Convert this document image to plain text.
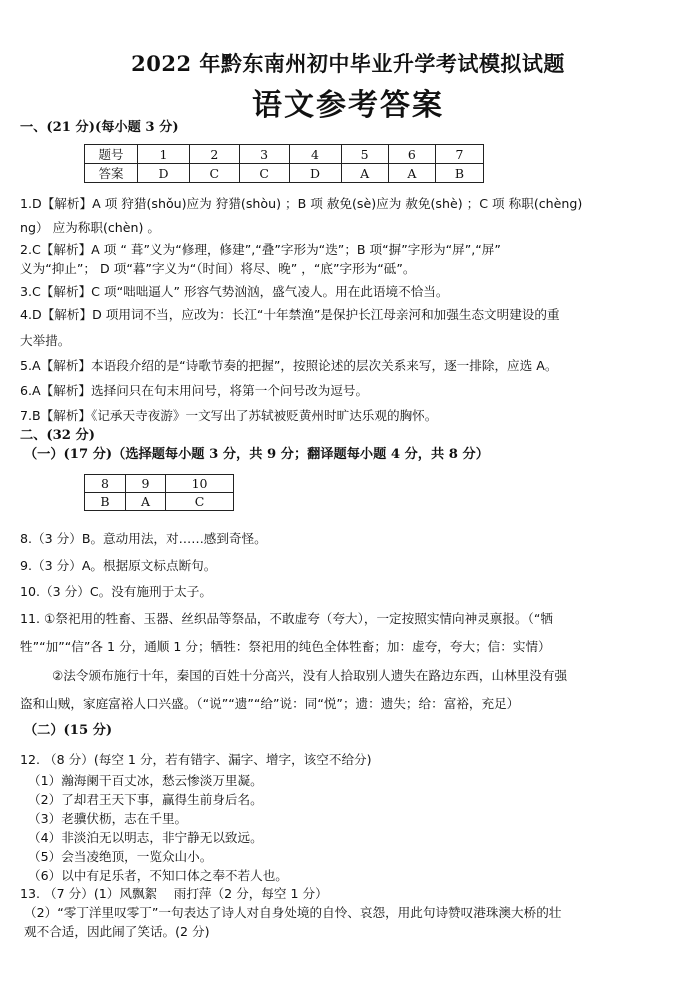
2022 年黔东南州初中毕业升学考试模拟试题
语文参考答案
一、(21 分)(每小题 3 分)
题号	1	2	3	4	5	6	7
答案	D	C	C	D	A	A	B
1.D【解析】A 项 狩猎(shǒu)应为 狩猎(shòu) ；B 项 赦免(sè)应为 赦免(shè) ；C 项 称职(chèng)
ng） 应为称职(chèn) 。
2.C【解析】A 项 “ 葺”义为“修理，修建”,“叠”字形为“迭”；B 项“摒”字形为“屏”,“屏”
义为“抑止”； D 项“暮”字义为“（时间）将尽、晚” ，“底”字形为“砥”。
3.C【解析】C 项“咄咄逼人” 形容气势汹汹，盛气凌人。用在此语境不恰当。
4.D【解析】D 项用词不当，应改为：长江“十年禁渔”是保护长江母亲河和加强生态文明建设的重
大举措。
5.A【解析】本语段介绍的是“诗歌节奏的把握”，按照论述的层次关系来写，逐一排除，应选 A。
6.A【解析】选择问只在句末用问号，将第一个问号改为逗号。
7.B【解析】《记承天寺夜游》一文写出了苏轼被贬黄州时旷达乐观的胸怀。
二、(32 分)
（一）(17 分)（选择题每小题 3 分，共 9 分；翻译题每小题 4 分，共 8 分）
8	9	10
B	A	C
8.（3 分）B。意动用法，对……感到奇怪。
9.（3 分）A。根据原文标点断句。
10.（3 分）C。没有施刑于太子。
11. ①祭祀用的牲畜、玉器、丝织品等祭品，不敢虚夸（夸大），一定按照实情向神灵禀报。（“牺
牲”“加”“信”各 1 分，通顺 1 分；牺牲：祭祀用的纯色全体牲畜；加：虚夸，夸大；信：实情）
②法令颁布施行十年，秦国的百姓十分高兴，没有人拾取别人遗失在路边东西，山林里没有强
盗和山贼，家庭富裕人口兴盛。（“说”“遗”“给”说：同“悦”；遗：遗失；给：富裕，充足）
（二）(15 分)
12. （8 分）(每空 1 分，若有错字、漏字、增字，该空不给分)
（1）瀚海阑干百丈冰，愁云惨淡万里凝。
（2）了却君王天下事，赢得生前身后名。
（3）老骥伏枥，志在千里。
（4）非淡泊无以明志，非宁静无以致远。
（5）会当凌绝顶，一览众山小。
（6）以中有足乐者，不知口体之奉不若人也。
13. （7 分）(1）风飘絮　 雨打萍（2 分，每空 1 分）
（2）“零丁洋里叹零丁”一句表达了诗人对自身处境的自怜、哀怨，用此句诗赞叹港珠澳大桥的壮
观不合适，因此闹了笑话。(2 分)
